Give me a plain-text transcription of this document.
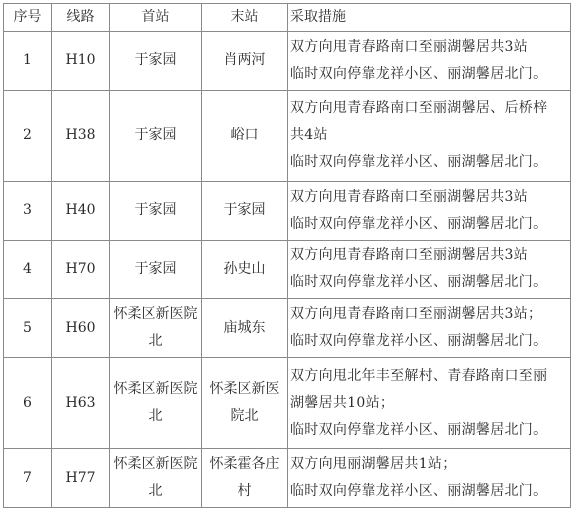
序号	线路	首站	末站	采取措施
1	H10	于家园	肖两河	双方向甩青春路南口至丽湖馨居共3站
临时双向停靠龙祥小区、丽湖馨居北门。

2	H38	于家园	峪口	双方向甩青春路南口至丽湖馨居、后桥梓
共4站
临时双向停靠龙祥小区、丽湖馨居北门。

3	H40	于家园	于家园	双方向甩青春路南口至丽湖馨居共3站
临时双向停靠龙祥小区、丽湖馨居北门。

4	H70	于家园	孙史山	双方向甩青春路南口至丽湖馨居共3站
临时双向停靠龙祥小区、丽湖馨居北门。

5	H60	怀柔区新医院北	庙城东	双方向甩青春路南口至丽湖馨居共3站；
临时双向停靠龙祥小区、丽湖馨居北门。

6	H63	怀柔区新医院北	怀柔区新医院北	双方向甩北年丰至解村、青春路南口至丽
湖馨居共10站；
临时双向停靠龙祥小区、丽湖馨居北门。

7	H77	怀柔区新医院北	怀柔霍各庄村	双方向甩丽湖馨居共1站；
临时双向停靠龙祥小区、丽湖馨居北门。
